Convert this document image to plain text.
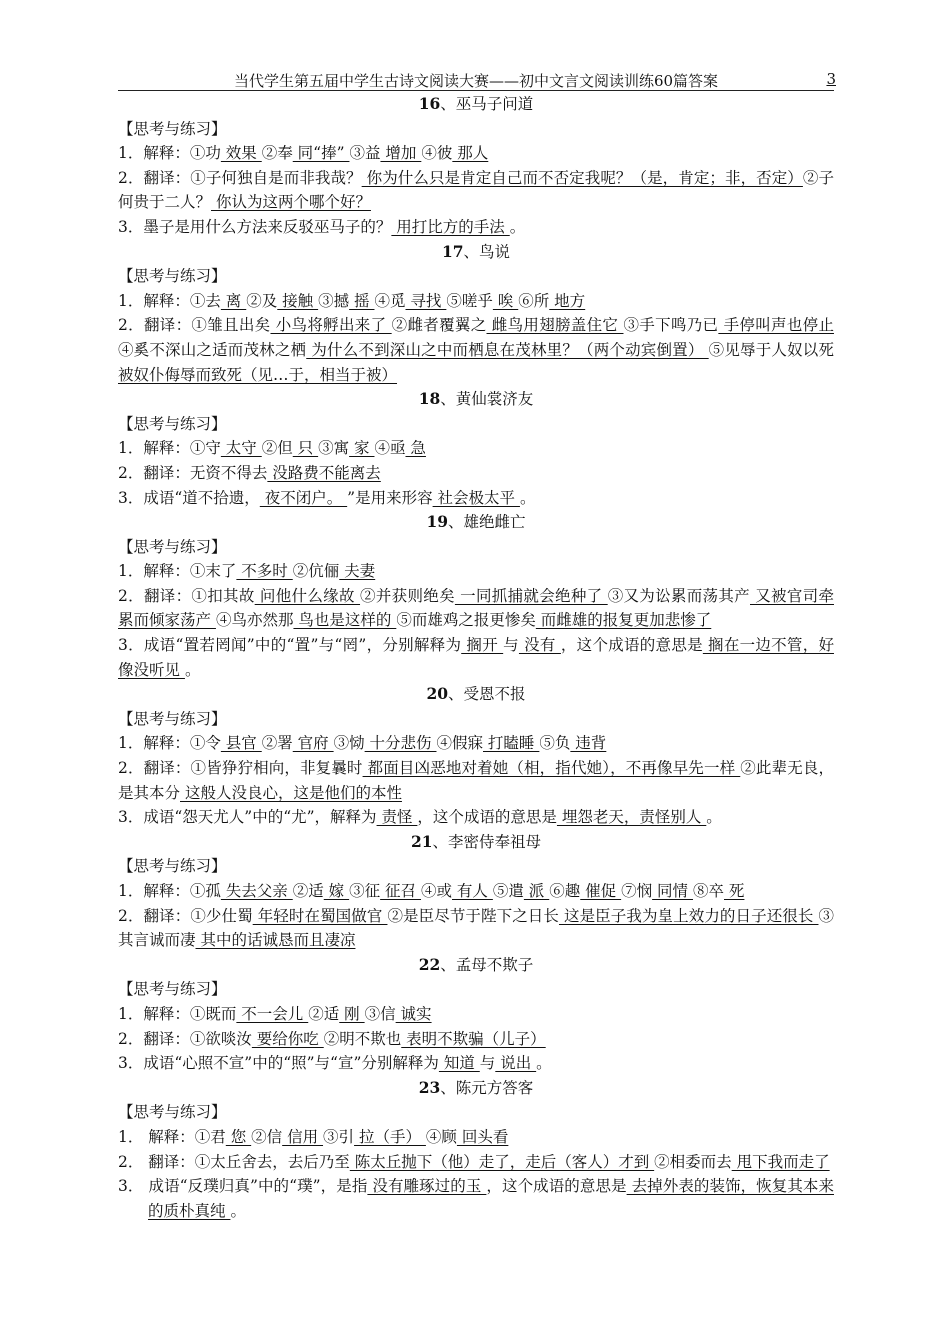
当代学生第五届中学生古诗文阅读大赛——初中文言文阅读训练60篇答案	3
16、巫马子问道
【思考与练习】
1．解释：①功 效果 ②奉 同“捧” ③益 增加 ④彼 那人
2．翻译：①子何独自是而非我哉？ 你为什么只是肯定自己而不否定我呢？（是，肯定；非，否定）②子何贵于二人？ 你认为这两个哪个好？
3．墨子是用什么方法来反驳巫马子的？ 用打比方的手法 。
17、鸟说
【思考与练习】
1．解释：①去 离 ②及 接触 ③撼 摇 ④觅 寻找 ⑤嗟乎 唉 ⑥所 地方
2．翻译：①雏且出矣 小鸟将孵出来了 ②雌者覆翼之 雌鸟用翅膀盖住它 ③手下鸣乃已 手停叫声也停止 ④奚不深山之适而茂林之栖 为什么不到深山之中而栖息在茂林里？（两个动宾倒置） ⑤见辱于人奴以死 被奴仆侮辱而致死（见…于，相当于被）
18、黄仙裳济友
【思考与练习】
1．解释：①守 太守 ②但 只 ③寓 家 ④亟 急
2．翻译：无资不得去 没路费不能离去
3．成语“道不拾遗， 夜不闭户。 ”是用来形容 社会极太平 。
19、雄绝雌亡
【思考与练习】
1．解释：①末了 不多时 ②伉俪 夫妻
2．翻译：①扣其故 问他什么缘故 ②并获则绝矣 一同抓捕就会绝种了 ③又为讼累而荡其产 又被官司牵累而倾家荡产 ④鸟亦然那 鸟也是这样的 ⑤而雄鸡之报更惨矣 而雌雄的报复更加悲惨了
3．成语“置若罔闻”中的“置”与“罔”，分别解释为 搁开 与 没有 ，这个成语的意思是 搁在一边不管，好像没听见 。
20、受恩不报
【思考与练习】
1．解释：①令 县官 ②署 官府 ③恸 十分悲伤 ④假寐 打瞌睡 ⑤负 违背
2．翻译：①皆狰狞相向，非复曩时 都面目凶恶地对着她（相，指代她），不再像早先一样 ②此辈无良，是其本分 这般人没良心，这是他们的本性
3．成语“怨天尤人”中的“尤”，解释为 责怪 ，这个成语的意思是 埋怨老天，责怪别人 。
21、李密侍奉祖母
【思考与练习】
1．解释：①孤 失去父亲 ②适 嫁 ③征 征召 ④或 有人 ⑤遣 派 ⑥趣 催促 ⑦悯 同情 ⑧卒 死
2．翻译：①少仕蜀 年轻时在蜀国做官 ②是臣尽节于陛下之日长 这是臣子我为皇上效力的日子还很长 ③其言诚而凄 其中的话诚恳而且凄凉
22、孟母不欺子
【思考与练习】
1．解释：①既而 不一会儿 ②适 刚 ③信 诚实
2．翻译：①欲啖汝 要给你吃 ②明不欺也 表明不欺骗（儿子）
3．成语“心照不宣”中的“照”与“宣”分别解释为 知道 与 说出 。
23、陈元方答客
【思考与练习】
1． 解释：①君 您 ②信 信用 ③引 拉（手） ④顾 回头看
2． 翻译：①太丘舍去，去后乃至 陈太丘抛下（他）走了，走后（客人）才到 ②相委而去 甩下我而走了
3． 成语“反璞归真”中的“璞”，是指 没有雕琢过的玉 ，这个成语的意思是 去掉外表的装饰，恢复其本来的质朴真纯 。
